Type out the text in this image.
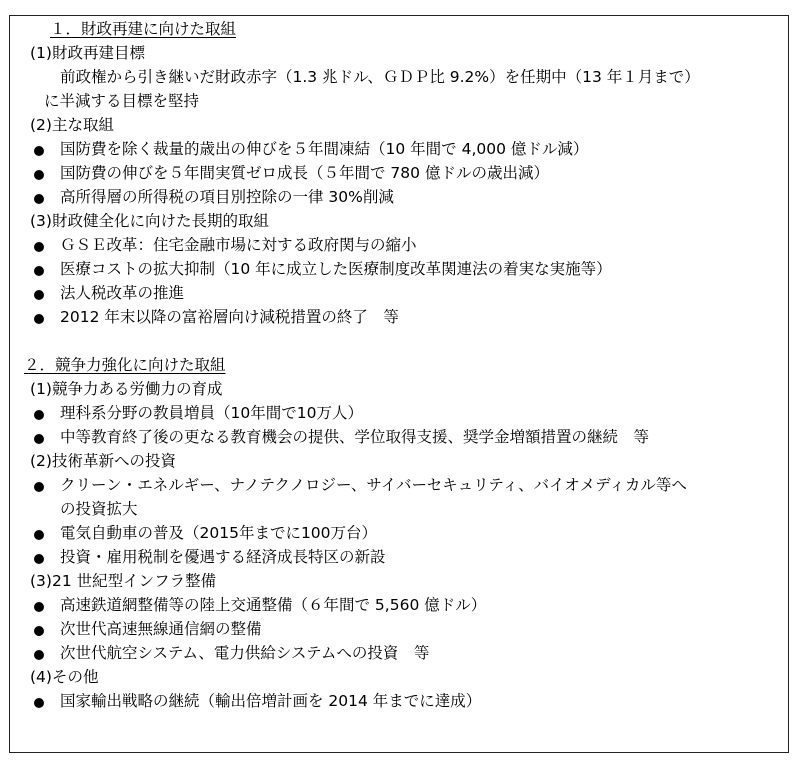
１．財政再建に向けた取組
(1)財政再建目標
前政権から引き継いだ財政赤字（1.3 兆ドル、ＧＤＰ比 9.2%）を任期中（13 年１月まで）
に半減する目標を堅持
(2)主な取組
国防費を除く裁量的歳出の伸びを５年間凍結（10 年間で 4,000 億ドル減）
国防費の伸びを５年間実質ゼロ成長（５年間で 780 億ドルの歳出減）
高所得層の所得税の項目別控除の一律 30%削減
(3)財政健全化に向けた長期的取組
ＧＳＥ改革：住宅金融市場に対する政府関与の縮小
医療コストの拡大抑制（10 年に成立した医療制度改革関連法の着実な実施等）
法人税改革の推進
2012 年末以降の富裕層向け減税措置の終了　等
２．競争力強化に向けた取組
(1)競争力ある労働力の育成
理科系分野の教員増員（10年間で10万人）
中等教育終了後の更なる教育機会の提供、学位取得支援、奨学金増額措置の継続　等
(2)技術革新への投資
クリーン・エネルギー、ナノテクノロジー、サイバーセキュリティ、バイオメディカル等へ
の投資拡大
電気自動車の普及（2015年までに100万台）
投資・雇用税制を優遇する経済成長特区の新設
(3)21 世紀型インフラ整備
高速鉄道網整備等の陸上交通整備（６年間で 5,560 億ドル）
次世代高速無線通信網の整備
次世代航空システム、電力供給システムへの投資　等
(4)その他
国家輸出戦略の継続（輸出倍増計画を 2014 年までに達成）
